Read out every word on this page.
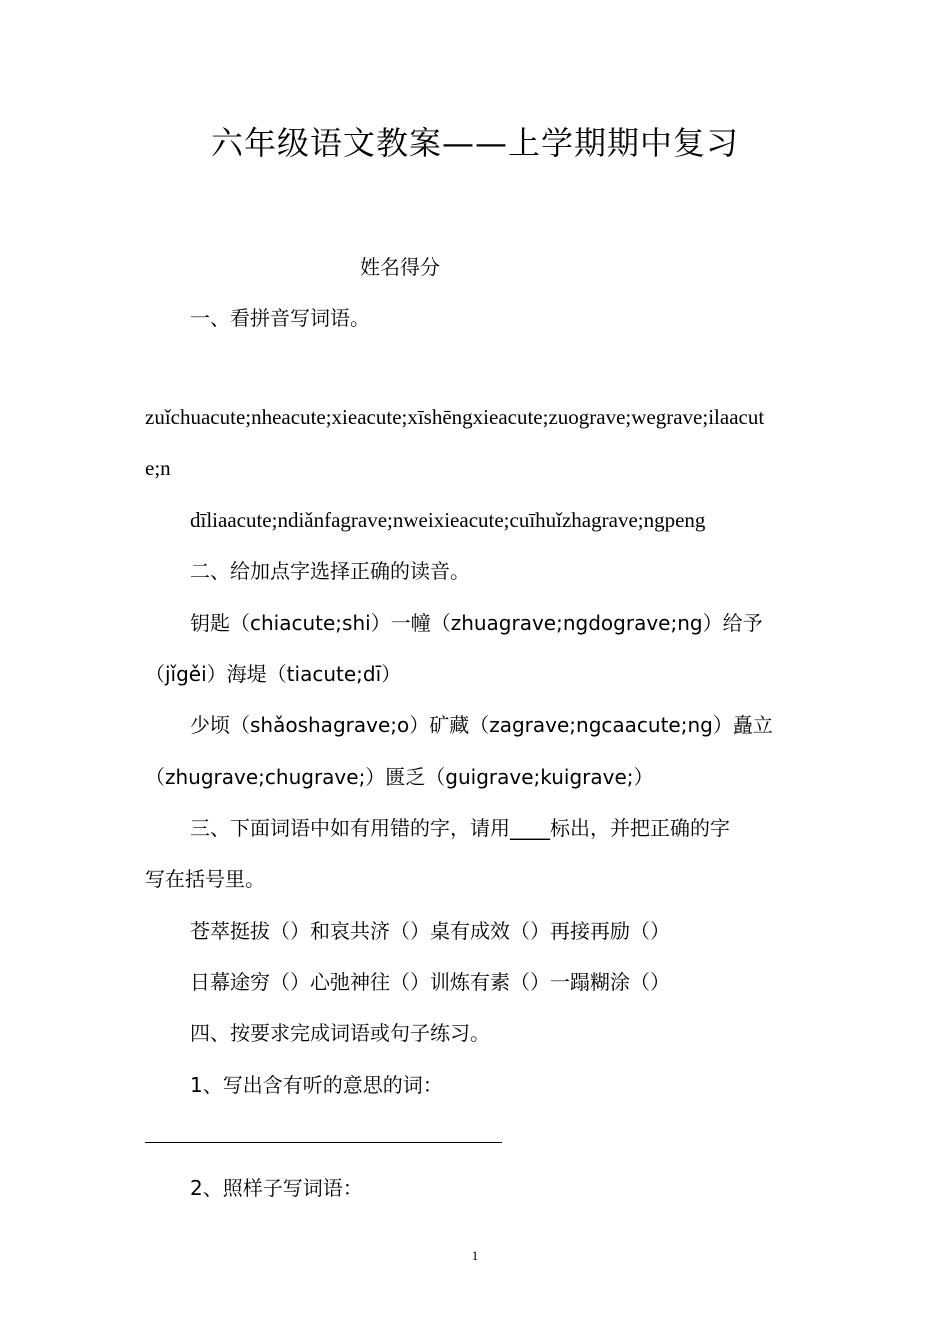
六年级语文教案——上学期期中复习
姓名得分
一、看拼音写词语。
zuǐchuacute;nheacute;xieacute;xīshēngxieacute;zuograve;wegrave;ilaacut
e;n
dīliaacute;ndiǎnfagrave;nweixieacute;cuīhuǐzhagrave;ngpeng
二、给加点字选择正确的读音。
钥匙（chiacute;shi）一幢（zhuagrave;ngdograve;ng）给予
（jǐgěi）海堤（tiacute;dī）
少顷（shǎoshagrave;o）矿藏（zagrave;ngcaacute;ng）矗立
（zhugrave;chugrave;）匮乏（guigrave;kuigrave;）
三、下面词语中如有用错的字，请用____标出，并把正确的字
写在括号里。
苍萃挺拔（）和哀共济（）桌有成效（）再接再励（）
日幕途穷（）心弛神往（）训炼有素（）一蹋糊涂（）
四、按要求完成词语或句子练习。
1、写出含有听的意思的词：
2、照样子写词语：
1
